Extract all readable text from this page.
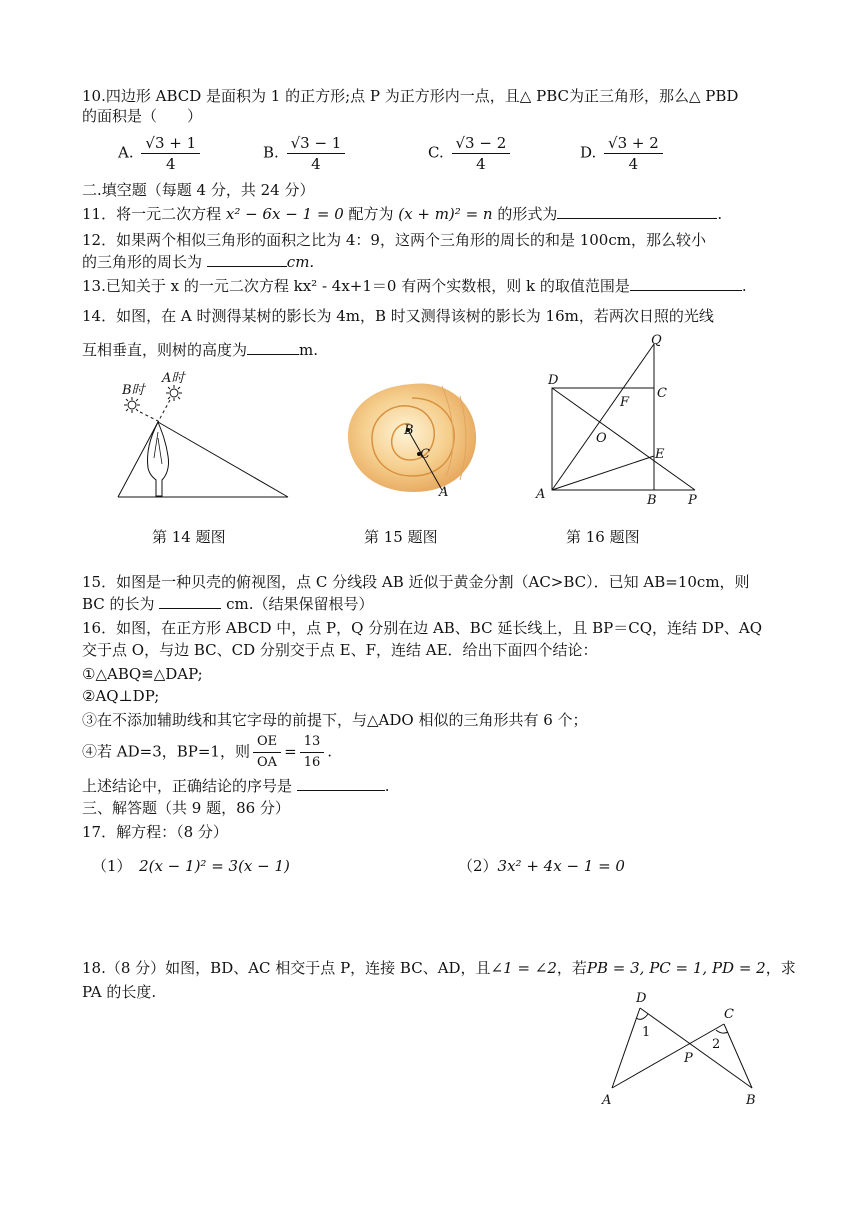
10.四边形 ABCD 是面积为 1 的正方形;点 P 为正方形内一点，且△ PBC为正三角形，那么△ PBD
的面积是（　　）
A. $\frac{√3 + 1}{4}$	B. $\frac{√3 - 1}{4}$	C. $\frac{√3 - 2}{4}$	D. $\frac{√3 + 2}{4}$
二.填空题（每题 4 分，共 24 分）
11．将一元二次方程 x² − 6x − 1 = 0 配方为 (x + m)² = n 的形式为	.
12．如果两个相似三角形的面积之比为 4：9，这两个三角形的周长的和是 100cm，那么较小
的三角形的周长为	cm.
13.已知关于 x 的一元二次方程 kx² - 4x+1＝0 有两个实数根，则 k 的取值范围是	.
14．如图，在 A 时测得某树的影长为 4m，B 时又测得该树的影长为 16m，若两次日照的光线
互相垂直，则树的高度为	m.
B时
A时
B
C
A
Q
D
C
F
O
E
A	B P
第 14 题图	第 15 题图	第 16 题图
15．如图是一种贝壳的俯视图，点 C 分线段 AB 近似于黄金分割（AC>BC）．已知 AB=10cm，则
BC 的长为	cm.（结果保留根号）
16．如图，在正方形 ABCD 中，点 P，Q 分别在边 AB、BC 延长线上，且 BP＝CQ，连结 DP、AQ
交于点 O，与边 BC、CD 分别交于点 E、F，连结 AE．给出下面四个结论：
①△ABQ≌△DAP;
②AQ⊥DP;
③在不添加辅助线和其它字母的前提下，与△ADO 相似的三角形共有 6 个；
④若 AD=3，BP=1，则 $\frac{OE}{OA} = \frac{13}{16}$ .
上述结论中，正确结论的序号是	.
三、解答题（共 9 题，86 分）
17．解方程：（8 分）
（1）　 2(x − 1)² = 3(x − 1)	（2）3x² + 4x − 1 = 0
18.（8 分）如图，BD、AC 相交于点 P，连接 BC、AD，且∠1 = ∠2，若PB = 3, PC = 1, PD = 2，求
PA 的长度.	D
C
1
2
P
A	B
